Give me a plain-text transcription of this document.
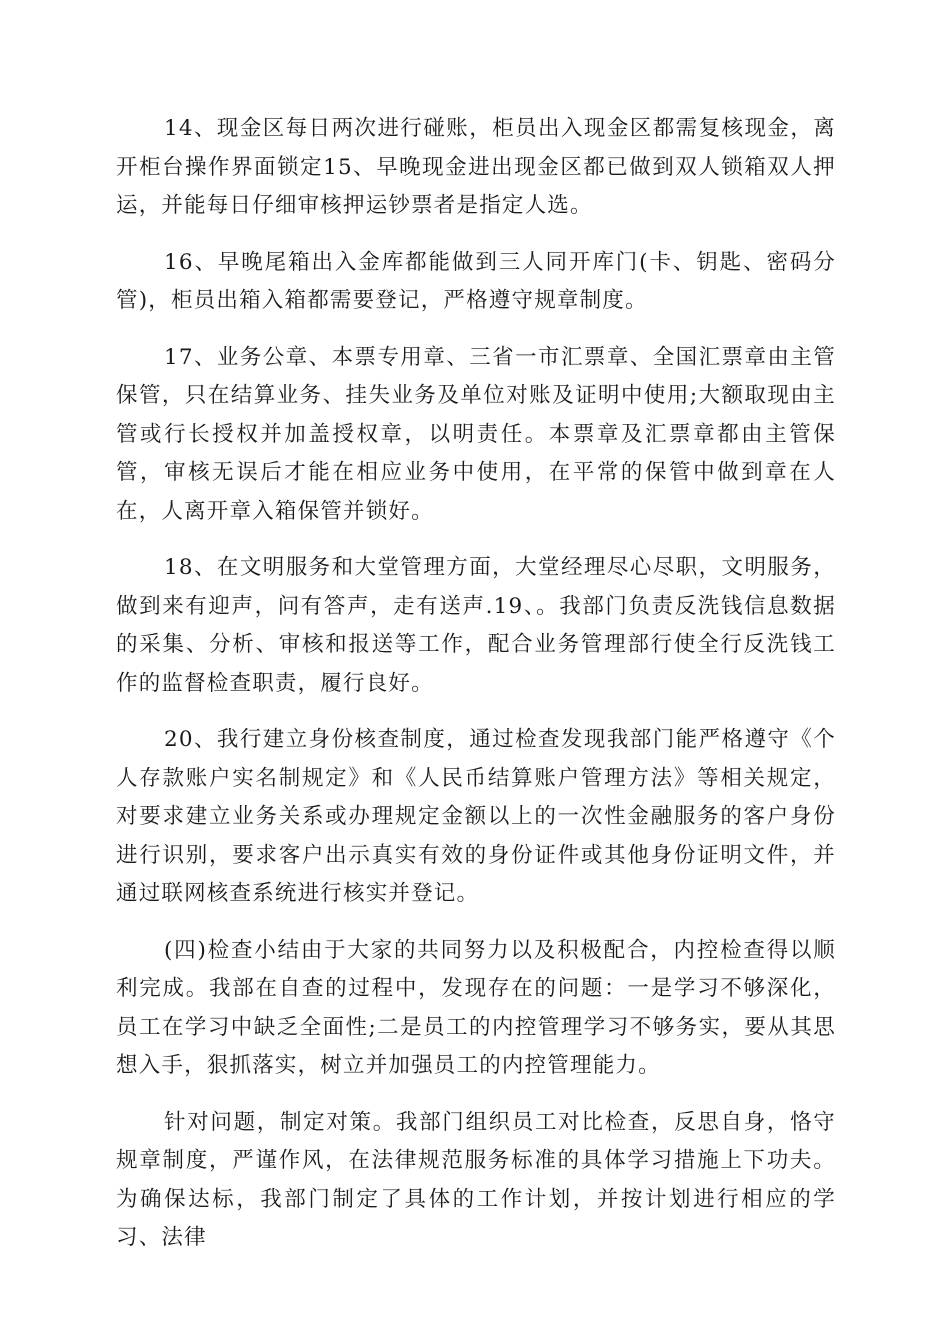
14、现金区每日两次进行碰账，柜员出入现金区都需复核现金，离开柜台操作界面锁定15、早晚现金进出现金区都已做到双人锁箱双人押运，并能每日仔细审核押运钞票者是指定人选。

16、早晚尾箱出入金库都能做到三人同开库门(卡、钥匙、密码分管)，柜员出箱入箱都需要登记，严格遵守规章制度。

17、业务公章、本票专用章、三省一市汇票章、全国汇票章由主管保管，只在结算业务、挂失业务及单位对账及证明中使用;大额取现由主管或行长授权并加盖授权章，以明责任。本票章及汇票章都由主管保管，审核无误后才能在相应业务中使用，在平常的保管中做到章在人在，人离开章入箱保管并锁好。

18、在文明服务和大堂管理方面，大堂经理尽心尽职，文明服务，做到来有迎声，问有答声，走有送声.19、。我部门负责反洗钱信息数据的采集、分析、审核和报送等工作，配合业务管理部行使全行反洗钱工作的监督检查职责，履行良好。

20、我行建立身份核查制度，通过检查发现我部门能严格遵守《个人存款账户实名制规定》和《人民币结算账户管理方法》等相关规定，对要求建立业务关系或办理规定金额以上的一次性金融服务的客户身份进行识别，要求客户出示真实有效的身份证件或其他身份证明文件，并通过联网核查系统进行核实并登记。

(四)检查小结由于大家的共同努力以及积极配合，内控检查得以顺利完成。我部在自查的过程中，发现存在的问题：一是学习不够深化，员工在学习中缺乏全面性;二是员工的内控管理学习不够务实，要从其思想入手，狠抓落实，树立并加强员工的内控管理能力。

针对问题，制定对策。我部门组织员工对比检查，反思自身，恪守规章制度，严谨作风，在法律规范服务标准的具体学习措施上下功夫。为确保达标，我部门制定了具体的工作计划，并按计划进行相应的学习、法律
